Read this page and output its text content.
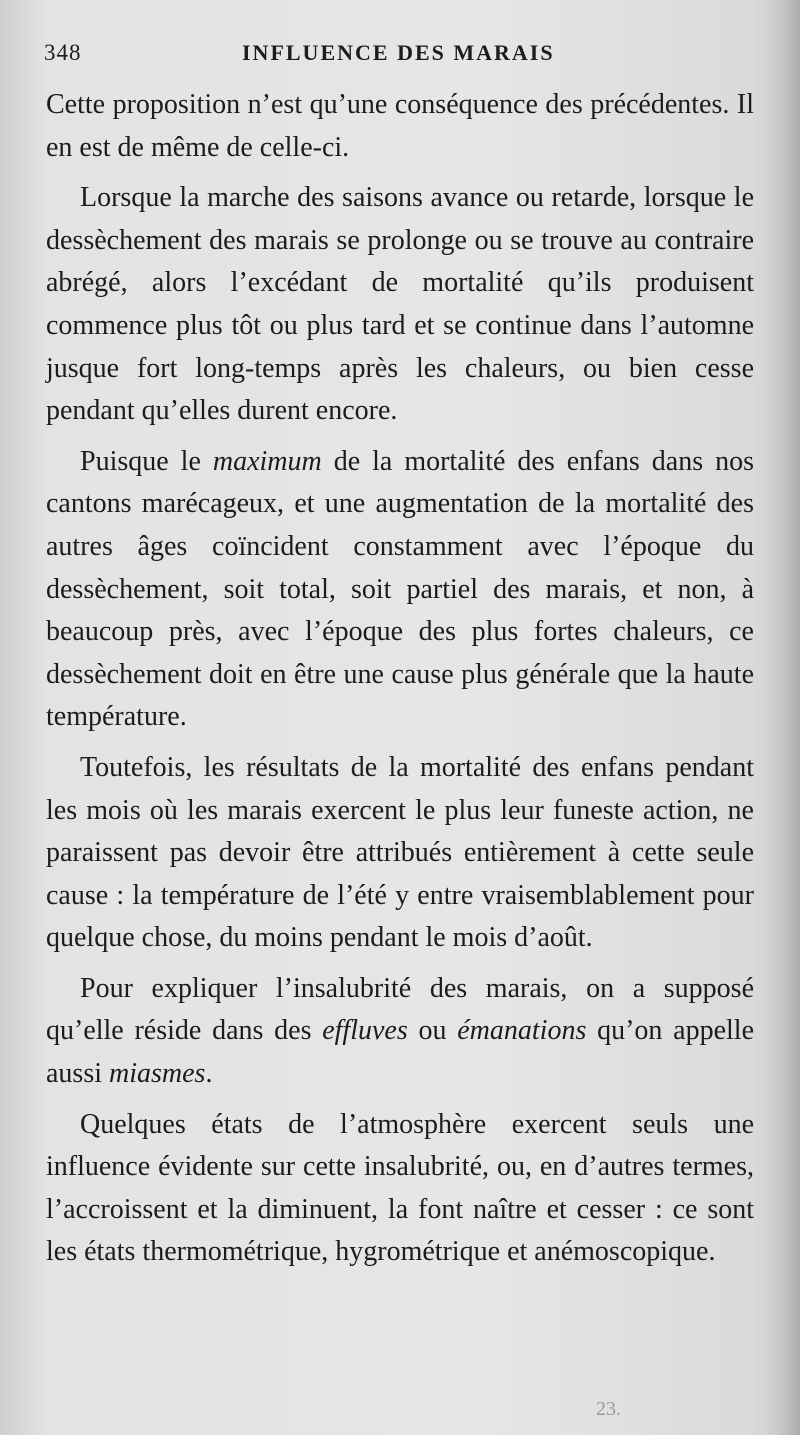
348	INFLUENCE DES MARAIS

Cette proposition n’est qu’une conséquence des précédentes. Il en est de même de celle-ci.

Lorsque la marche des saisons avance ou retarde, lorsque le dessèchement des marais se prolonge ou se trouve au contraire abrégé, alors l’excédant de mortalité qu’ils produisent commence plus tôt ou plus tard et se continue dans l’automne jusque fort long-temps après les chaleurs, ou bien cesse pendant qu’elles durent encore.

Puisque le maximum de la mortalité des enfans dans nos cantons marécageux, et une augmentation de la mortalité des autres âges coïncident constamment avec l’époque du dessèchement, soit total, soit partiel des marais, et non, à beaucoup près, avec l’époque des plus fortes chaleurs, ce dessèchement doit en être une cause plus générale que la haute température.

Toutefois, les résultats de la mortalité des enfans pendant les mois où les marais exercent le plus leur funeste action, ne paraissent pas devoir être attribués entièrement à cette seule cause : la température de l’été y entre vraisemblablement pour quelque chose, du moins pendant le mois d’août.

Pour expliquer l’insalubrité des marais, on a supposé qu’elle réside dans des effluves ou émanations qu’on appelle aussi miasmes.

Quelques états de l’atmosphère exercent seuls une influence évidente sur cette insalubrité, ou, en d’autres termes, l’accroissent et la diminuent, la font naître et cesser : ce sont les états thermométrique, hygrométrique et anémoscopique.

23.
